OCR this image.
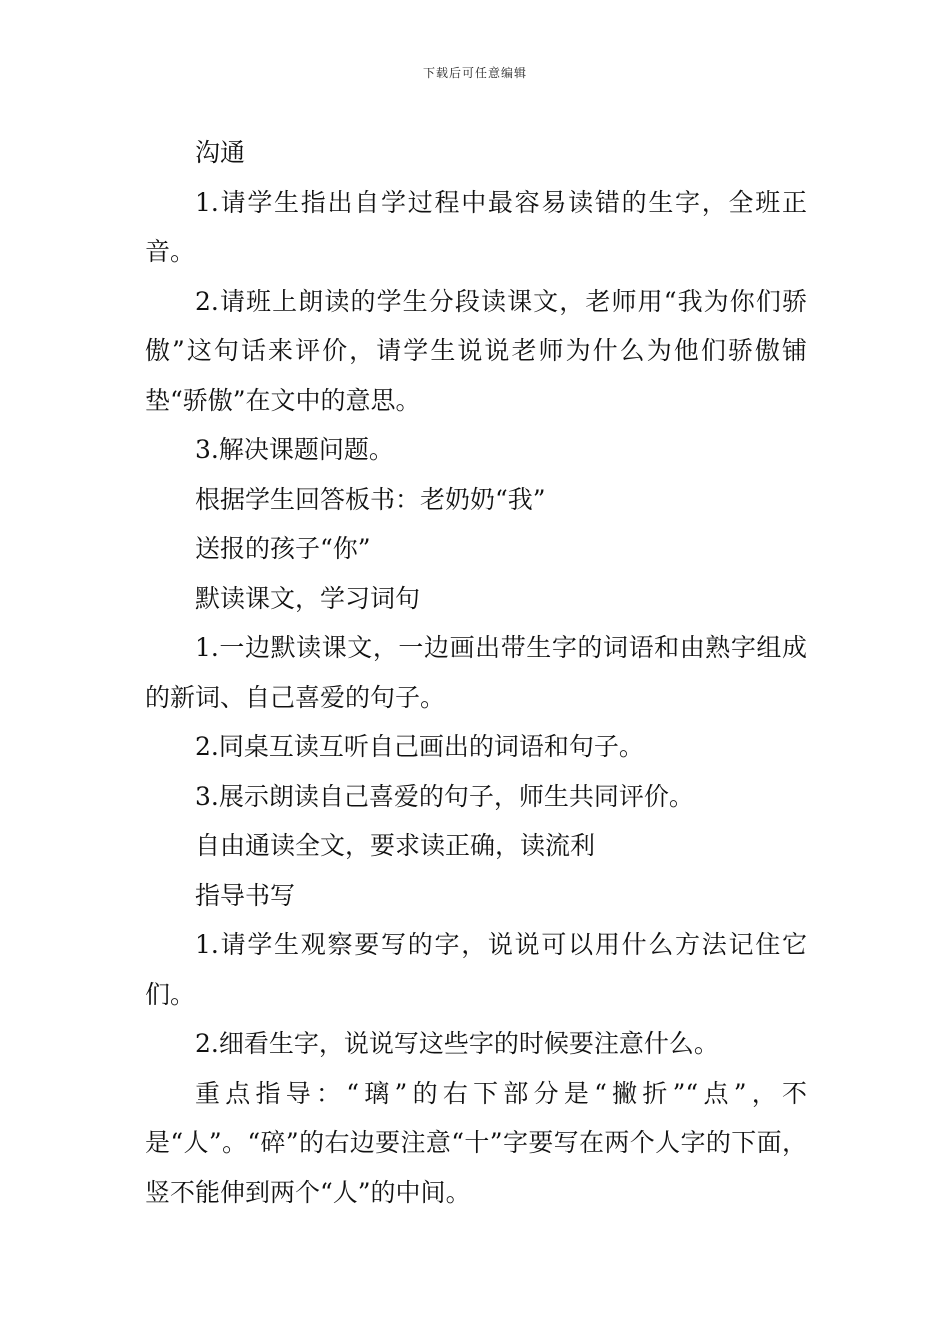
下载后可任意编辑

沟通

1.请学生指出自学过程中最容易读错的生字，全班正音。

2.请班上朗读的学生分段读课文，老师用“我为你们骄傲”这句话来评价，请学生说说老师为什么为他们骄傲铺垫“骄傲”在文中的意思。

3.解决课题问题。

根据学生回答板书：老奶奶“我”

送报的孩子“你”

默读课文，学习词句

1.一边默读课文，一边画出带生字的词语和由熟字组成的新词、自己喜爱的句子。

2.同桌互读互听自己画出的词语和句子。

3.展示朗读自己喜爱的句子，师生共同评价。

自由通读全文，要求读正确，读流利

指导书写

1.请学生观察要写的字，说说可以用什么方法记住它们。

2.细看生字，说说写这些字的时候要注意什么。

重点指导：“璃”的右下部分是“撇折”“点”，不是“人”。“碎”的右边要注意“十”字要写在两个人字的下面，竖不能伸到两个“人”的中间。
